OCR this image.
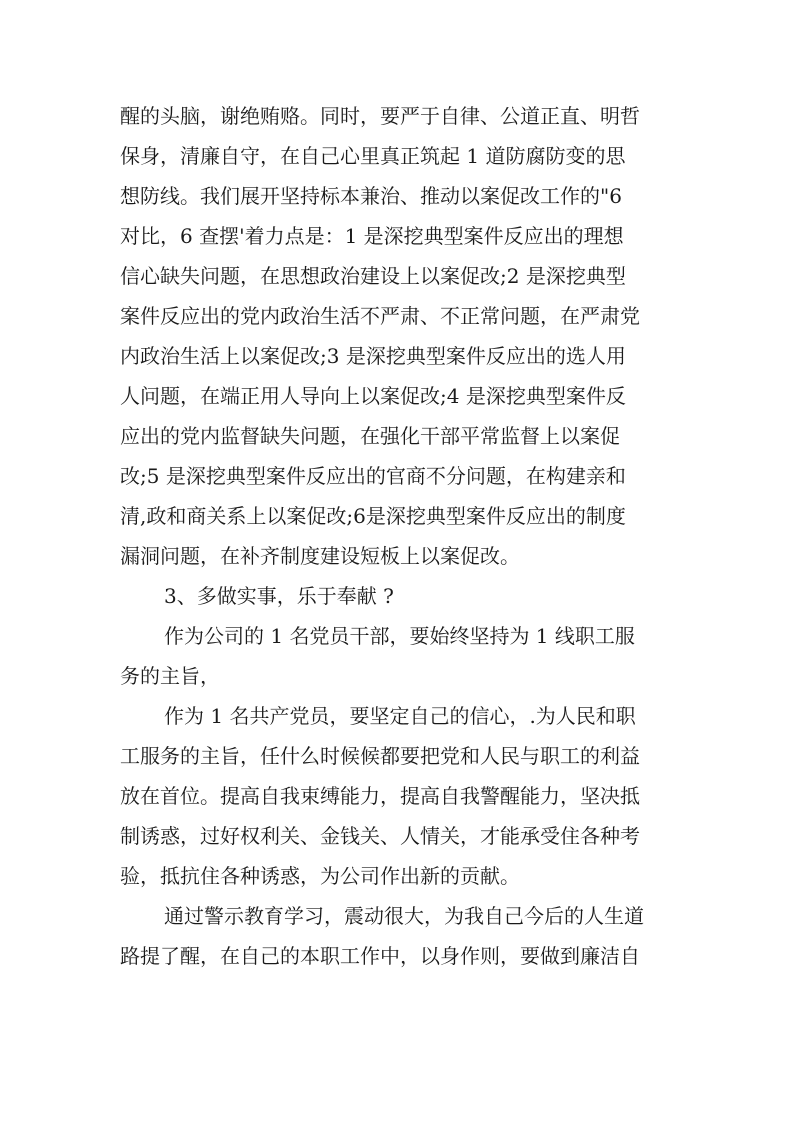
醒的头脑，谢绝贿赂。同时，要严于自律、公道正直、明哲

保身，清廉自守，在自己心里真正筑起 1 道防腐防变的思

想防线。我们展开坚持标本兼治、推动以案促改工作的"6

对比，6 查摆'着力点是：1 是深挖典型案件反应出的理想

信心缺失问题，在思想政治建设上以案促改;2 是深挖典型

案件反应出的党内政治生活不严肃、不正常问题，在严肃党

内政治生活上以案促改;3 是深挖典型案件反应出的选人用

人问题，在端正用人导向上以案促改;4 是深挖典型案件反

应出的党内监督缺失问题，在强化干部平常监督上以案促

改;5 是深挖典型案件反应出的官商不分问题，在构建亲和

清,政和商关系上以案促改;6是深挖典型案件反应出的制度

漏洞问题，在补齐制度建设短板上以案促改。

3、多做实事，乐于奉献 ?

作为公司的 1 名党员干部，要始终坚持为 1 线职工服

务的主旨，

作为 1 名共产党员，要坚定自己的信心，.为人民和职

工服务的主旨，任什么时候候都要把党和人民与职工的利益

放在首位。提高自我束缚能力，提高自我警醒能力，坚决抵

制诱惑，过好权利关、金钱关、人情关，才能承受住各种考

验，抵抗住各种诱惑，为公司作出新的贡献。

通过警示教育学习，震动很大，为我自己今后的人生道

路提了醒，在自己的本职工作中，以身作则，要做到廉洁自
